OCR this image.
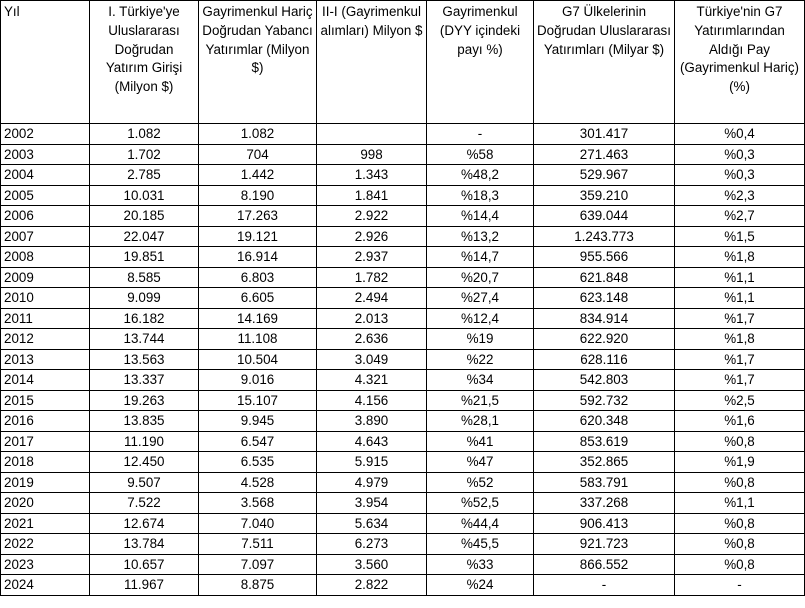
Yıl	I. Türkiye'ye Uluslararası Doğrudan Yatırım Girişi (Milyon $)	Gayrimenkul Hariç Doğrudan Yabancı Yatırımlar (Milyon $)	II-I (Gayrimenkul alımları) Milyon $	Gayrimenkul (DYY içindeki payı %)	G7 Ülkelerinin Doğrudan Uluslararası Yatırımları (Milyar $)	Türkiye'nin G7 Yatırımlarından Aldığı Pay (Gayrimenkul Hariç) (%)
2002	1.082	1.082		-	301.417	%0,4
2003	1.702	704	998	%58	271.463	%0,3
2004	2.785	1.442	1.343	%48,2	529.967	%0,3
2005	10.031	8.190	1.841	%18,3	359.210	%2,3
2006	20.185	17.263	2.922	%14,4	639.044	%2,7
2007	22.047	19.121	2.926	%13,2	1.243.773	%1,5
2008	19.851	16.914	2.937	%14,7	955.566	%1,8
2009	8.585	6.803	1.782	%20,7	621.848	%1,1
2010	9.099	6.605	2.494	%27,4	623.148	%1,1
2011	16.182	14.169	2.013	%12,4	834.914	%1,7
2012	13.744	11.108	2.636	%19	622.920	%1,8
2013	13.563	10.504	3.049	%22	628.116	%1,7
2014	13.337	9.016	4.321	%34	542.803	%1,7
2015	19.263	15.107	4.156	%21,5	592.732	%2,5
2016	13.835	9.945	3.890	%28,1	620.348	%1,6
2017	11.190	6.547	4.643	%41	853.619	%0,8
2018	12.450	6.535	5.915	%47	352.865	%1,9
2019	9.507	4.528	4.979	%52	583.791	%0,8
2020	7.522	3.568	3.954	%52,5	337.268	%1,1
2021	12.674	7.040	5.634	%44,4	906.413	%0,8
2022	13.784	7.511	6.273	%45,5	921.723	%0,8
2023	10.657	7.097	3.560	%33	866.552	%0,8
2024	11.967	8.875	2.822	%24	-	-
